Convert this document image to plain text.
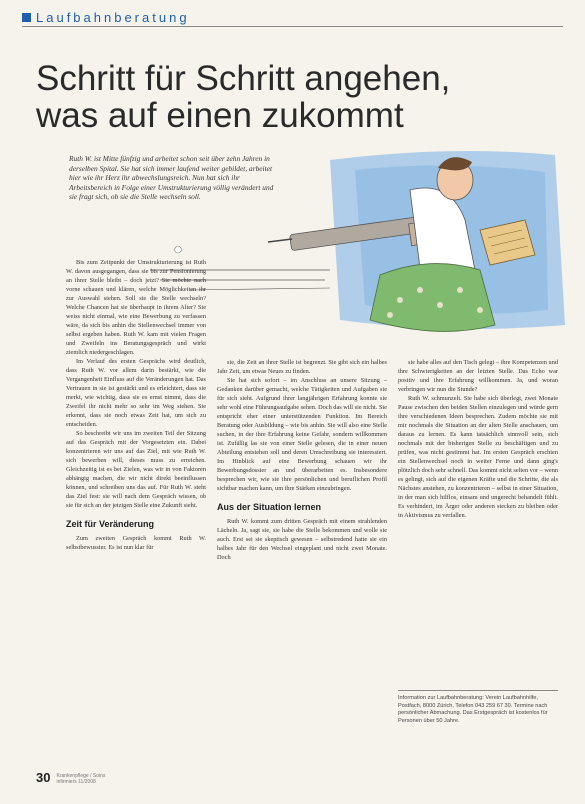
Laufbahnberatung
Schritt für Schritt angehen, was auf einen zukommt

Ruth W. ist Mitte fünfzig und arbeitet schon seit über zehn Jahren in derselben Spital. Sie hat sich immer laufend weiter gebildet, arbeitet hier wie ihr Herz ihr abwechslungsreich. Nun hat sich ihr Arbeitsbereich in Folge einer Umstrukturierung völlig verändert und sie fragt sich, ob sie die Stelle wechseln soll.

Bis zum Zeitpunkt der Umstrukturierung ist Ruth W. davon ausgegangen, dass sie bis zur Pensionierung an ihrer Stelle bleibt – doch jetzt? Sie möchte nach vorne schauen und klären, welche Möglichkeiten ihr zur Auswahl stehen. Soll sie die Stelle wechseln? Welche Chancen hat sie überhaupt in ihrem Alter? Sie weiss nicht einmal, wie eine Bewerbung zu verfassen wäre, da sich bis anhin die Stellenwechsel immer von selbst ergeben haben. Ruth W. kam mit vielen Fragen und Zweifeln ins Beratungsgespräch und wirkt ziemlich niedergeschlagen.

Im Verlauf des ersten Gesprächs wird deutlich, dass Ruth W. vor allem darin bestärkt, wie die Vergangenheit Einfluss auf die Veränderungen hat. Das Vertrauen in sie ist gestärkt und es erleichtert, dass sie merkt, wie wichtig, dass sie es ernst nimmt, dass die Zweifel ihr nicht mehr so sehr im Weg stehen. Sie erkennt, dass sie noch etwas Zeit hat, um sich zu entscheiden.

So beschreibt wir uns im zweiten Teil der Sitzung auf das Gespräch mit der Vorgesetzten ein. Dabei konzentrieren wir uns auf das Ziel, mit wie Ruth W. sich bewerben will, dieses muss zu erreichen. Gleichzeitig ist es bei Zielen, was wir in von Faktoren abhängig machen, die wir nicht direkt beeinflussen können, und schreiben uns das auf. Für Ruth W. steht das Ziel fest: sie will nach dem Gespräch wissen, ob sie für sich an der jetzigen Stelle eine Zukunft sieht.

Zeit für Veränderung

Zum zweiten Gespräch kommt Ruth W. selbstbewusster. Es ist nun klar für

sie, die Zeit an ihrer Stelle ist begrenzt. Sie gibt sich ein halbes Jahr Zeit, um etwas Neues zu finden.

Sie hat sich sofort – im Anschluss an unsere Sitzung – Gedanken darüber gemacht, welche Tätigkeiten und Aufgaben sie für sich sieht. Aufgrund ihrer langjährigen Erfahrung konnte sie sehr wohl eine Führungsaufgabe sehen. Doch das will sie nicht. Sie entspricht eher einer unterstützenden Funktion. Im Bereich Beratung oder Ausbildung – wie bis anhin. Sie will also eine Stelle suchen, in der ihre Erfahrung keine Gefahr, sondern willkommen ist. Zufällig las sie von einer Stelle gelesen, die in einer neuen Abteilung entstehen soll und deren Umschreibung sie interessiert. Im Hinblick auf eine Bewerbung schauen wir ihr Bewerbungsdossier an und überarbeiten es. Insbesondere besprechen wir, wie sie ihre persönlichen und beruflichen Profil sichtbar machen kann, um ihre Stärken einzubringen.

Aus der Situation lernen

Ruth W. kommt zum dritten Gespräch mit einem strahlenden Lächeln. Ja, sagt sie, sie habe die Stelle bekommen und wolle sie auch. Erst sei sie skeptisch gewesen – selbstredend hatte sie ein halbes Jahr für den Wechsel eingeplant und nicht zwei Monate. Doch

sie habe alles auf den Tisch gelegt – ihre Kompetenzen und ihre Schwierigkeiten an der letzten Stelle. Das Echo war positiv und ihre Erfahrung willkommen. Ja, und woran verbringen wir nun die Stunde?

Ruth W. schmunzelt. Sie habe sich überlegt, zwei Monate Pause zwischen den beiden Stellen einzulegen und würde gern ihre verschiedenen Ideen besprechen. Zudem möchte sie mit mir nochmals die Situation an der alten Stelle anschauen, um daraus zu lernen. Es kann tatsächlich sinnvoll sein, sich nochmals mit der bisherigen Stelle zu beschäftigen und zu prüfen, was nicht gestimmt hat. Im ersten Gespräch erschien ein Stellenwechsel noch in weiter Ferne und dann ging's plötzlich doch sehr schnell. Das kommt nicht selten vor – wenn es gelingt, sich auf die eigenen Kräfte und die Schritte, die als Nächstes anstehen, zu konzentrieren – selbst in einer Situation, in der man sich hilflos, einsam und ungerecht behandelt fühlt. Es verhindert, im Ärger oder anderen stecken zu bleiben oder in Aktivismus zu verfallen.

Information zur Laufbahnberatung: Verein Laufbahnhilfe, Postfach, 8000 Zürich, Telefon 043 259 67 30. Termine nach persönlicher Abmachung. Das Erstgespräch ist kostenlos für Personen über 50 Jahre.
30 Krankenpflege / Soins
infirmiers 11/2008
